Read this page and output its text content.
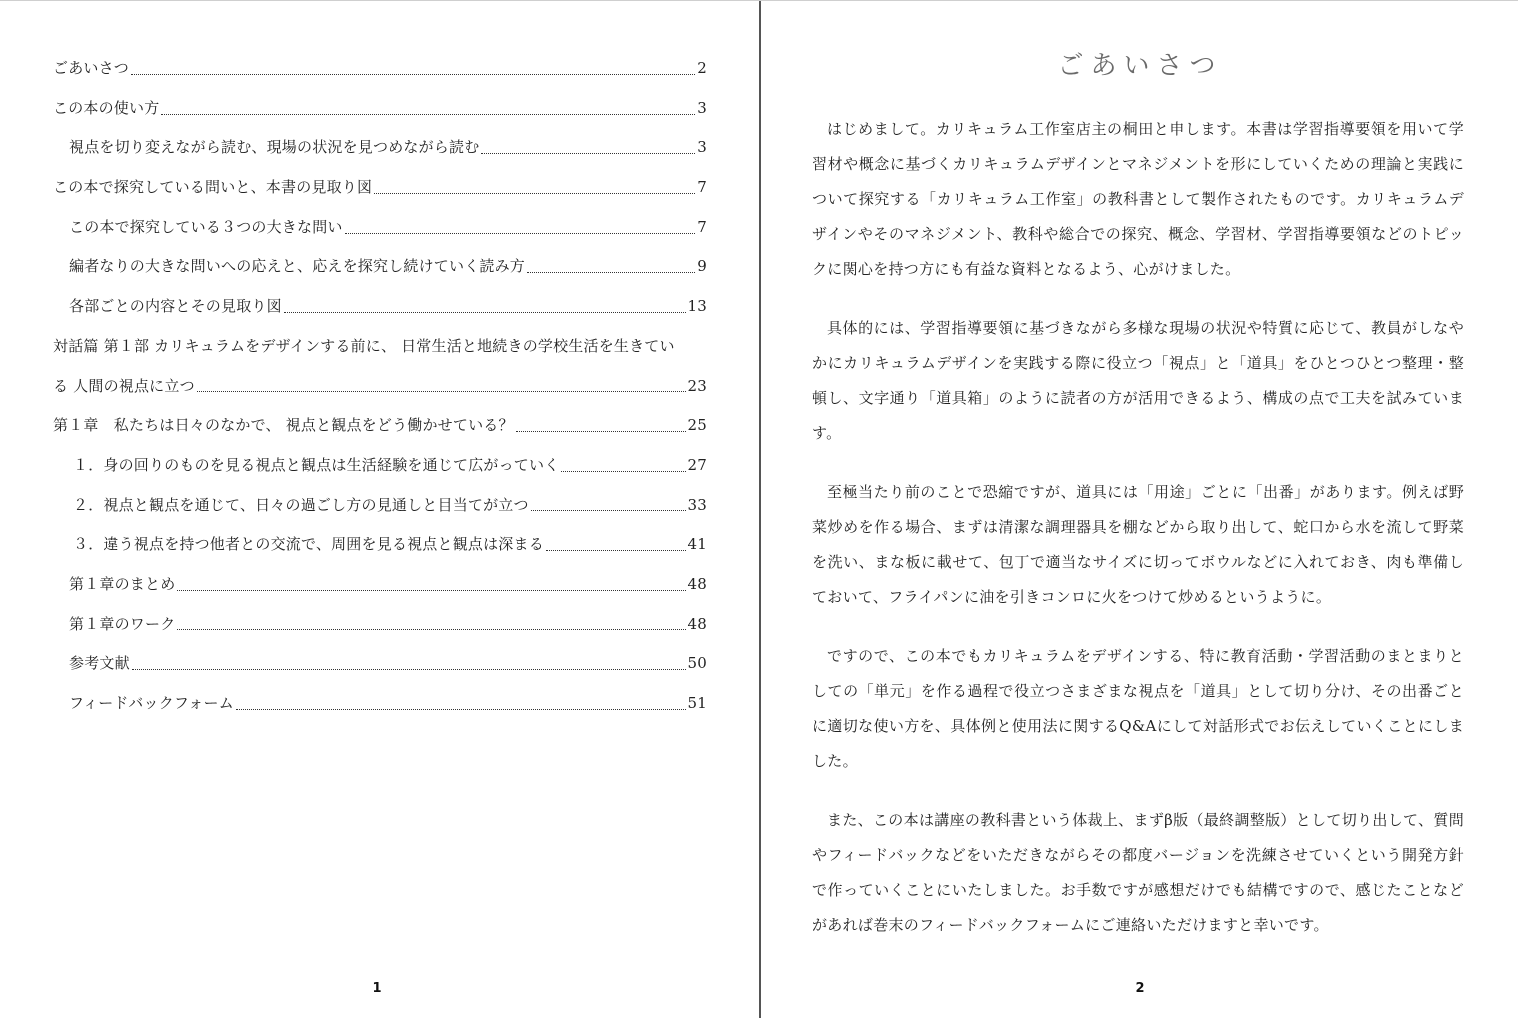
ごあいさつ	2
この本の使い方	3
視点を切り変えながら読む、現場の状況を見つめながら読む	3
この本で探究している問いと、本書の見取り図	7
この本で探究している３つの大きな問い	7
編者なりの大きな問いへの応えと、応えを探究し続けていく読み方	9
各部ごとの内容とその見取り図	13
対話篇 第１部 カリキュラムをデザインする前に、 日常生活と地続きの学校生活を生きてい
る 人間の視点に立つ	23
第１章　私たちは日々のなかで、 視点と観点をどう働かせている？	25
１．身の回りのものを見る視点と観点は生活経験を通じて広がっていく	27
２．視点と観点を通じて、日々の過ごし方の見通しと目当てが立つ	33
３．違う視点を持つ他者との交流で、周囲を見る視点と観点は深まる	41
第１章のまとめ	48
第１章のワーク	48
参考文献	50
フィードバックフォーム	51
1
ごあいさつ

はじめまして。カリキュラム工作室店主の桐田と申します。本書は学習指導要領を用いて学習材や概念に基づくカリキュラムデザインとマネジメントを形にしていくための理論と実践について探究する「カリキュラム工作室」の教科書として製作されたものです。カリキュラムデザインやそのマネジメント、教科や総合での探究、概念、学習材、学習指導要領などのトピックに関心を持つ方にも有益な資料となるよう、心がけました。

具体的には、学習指導要領に基づきながら多様な現場の状況や特質に応じて、教員がしなやかにカリキュラムデザインを実践する際に役立つ「視点」と「道具」をひとつひとつ整理・整頓し、文字通り「道具箱」のように読者の方が活用できるよう、構成の点で工夫を試みています。

至極当たり前のことで恐縮ですが、道具には「用途」ごとに「出番」があります。例えば野菜炒めを作る場合、まずは清潔な調理器具を棚などから取り出して、蛇口から水を流して野菜を洗い、まな板に載せて、包丁で適当なサイズに切ってボウルなどに入れておき、肉も準備しておいて、フライパンに油を引きコンロに火をつけて炒めるというように。

ですので、この本でもカリキュラムをデザインする、特に教育活動・学習活動のまとまりとしての「単元」を作る過程で役立つさまざまな視点を「道具」として切り分け、その出番ごとに適切な使い方を、具体例と使用法に関するQ&Aにして対話形式でお伝えしていくことにしました。

また、この本は講座の教科書という体裁上、まずβ版（最終調整版）として切り出して、質問やフィードバックなどをいただきながらその都度バージョンを洗練させていくという開発方針で作っていくことにいたしました。お手数ですが感想だけでも結構ですので、感じたことなどがあれば巻末のフィードバックフォームにご連絡いただけますと幸いです。

2
